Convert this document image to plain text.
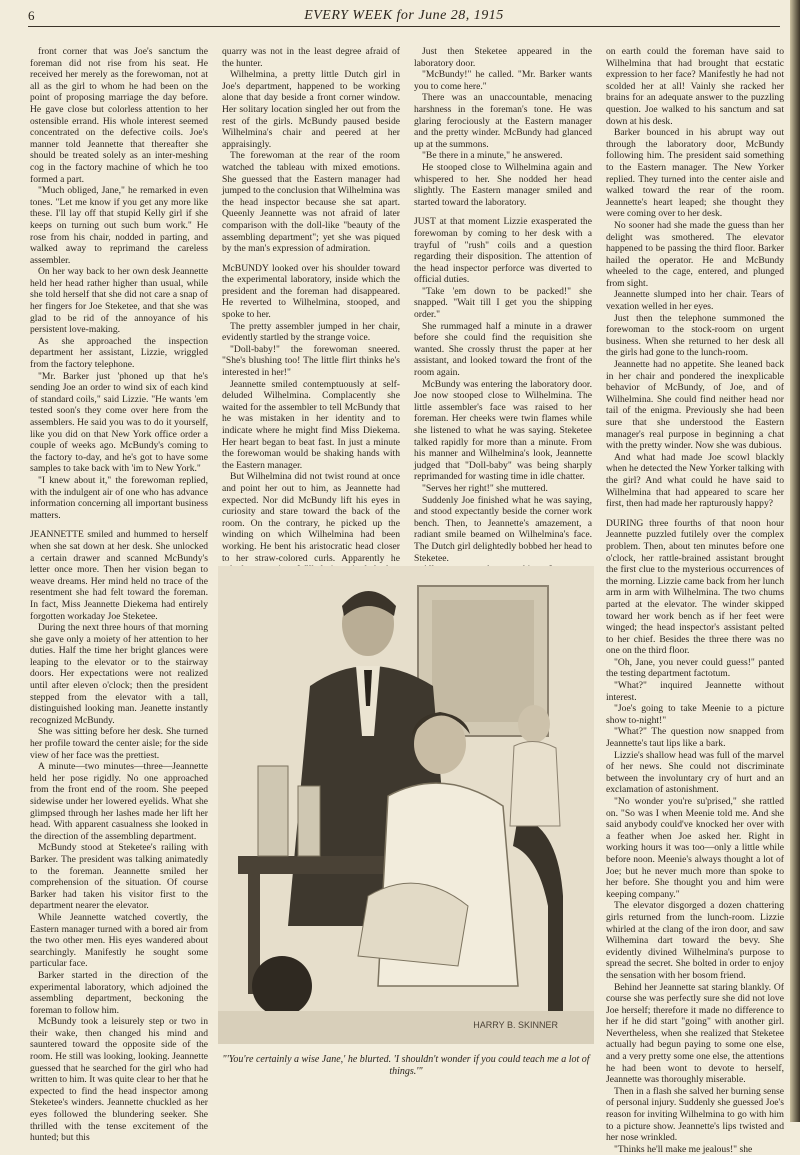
6	EVERY WEEK for June 28, 1915

front corner that was Joe's sanctum the foreman did not rise from his seat. He received her merely as the forewoman, not at all as the girl to whom he had been on the point of proposing marriage the day before. He gave close but colorless attention to her ostensible errand. His whole interest seemed concentrated on the defective coils. Joe's manner told Jeannette that thereafter she should be treated solely as an inter-meshing cog in the factory machine of which he too formed a part.

"Much obliged, Jane," he remarked in even tones. "Let me know if you get any more like these. I'll lay off that stupid Kelly girl if she keeps on turning out such bum work." He rose from his chair, nodded in parting, and walked away to reprimand the careless assembler.

On her way back to her own desk Jeannette held her head rather higher than usual, while she told herself that she did not care a snap of her fingers for Joe Steketee, and that she was glad to be rid of the annoyance of his persistent love-making.

As she approached the inspection department her assistant, Lizzie, wriggled from the factory telephone.

"Mr. Barker just 'phoned up that he's sending Joe an order to wind six of each kind of standard coils," said Lizzie. "He wants 'em tested soon's they come over here from the assemblers. He said you was to do it yourself, like you did on that New York office order a couple of weeks ago. McBundy's coming to the factory to-day, and he's got to have some samples to take back with 'im to New York."

"I knew about it," the forewoman replied, with the indulgent air of one who has advance information concerning all important business matters.

JEANNETTE smiled and hummed to herself when she sat down at her desk. She unlocked a certain drawer and scanned McBundy's letter once more. Then her vision began to weave dreams. Her mind held no trace of the resentment she had felt toward the foreman. In fact, Miss Jeannette Diekema had entirely forgotten workaday Joe Steketee.

During the next three hours of that morning she gave only a moiety of her attention to her duties. Half the time her bright glances were leaping to the elevator or to the stairway doors. Her expectations were not realized until after eleven o'clock; then the president stepped from the elevator with a tall, distinguished looking man. Jeanette instantly recognized McBundy.

She was sitting before her desk. She turned her profile toward the center aisle; for the side view of her face was the prettiest.

A minute—two minutes—three—Jeannette held her pose rigidly. No one approached from the front end of the room. She peeped sidewise under her lowered eyelids. What she glimpsed through her lashes made her lift her head. With apparent casualness she looked in the direction of the assembling department.

McBundy stood at Steketee's railing with Barker. The president was talking animatedly to the foreman. Jeannette smiled her comprehension of the situation. Of course Barker had taken his visitor first to the department nearer the elevator.

While Jeannette watched covertly, the Eastern manager turned with a bored air from the two other men. His eyes wandered about searchingly. Manifestly he sought some particular face.

Barker started in the direction of the experimental laboratory, which adjoined the assembling department, beckoning the foreman to follow him.

McBundy took a leisurely step or two in their wake, then changed his mind and sauntered toward the opposite side of the room. He still was looking, looking. Jeannette guessed that he searched for the girl who had written to him. It was quite clear to her that he expected to find the head inspector among Steketee's winders. Jeannette chuckled as her eyes followed the blundering seeker. She thrilled with the tense excitement of the hunted; but this

quarry was not in the least degree afraid of the hunter.

Wilhelmina, a pretty little Dutch girl in Joe's department, happened to be working alone that day beside a front corner window. Her solitary location singled her out from the rest of the girls. McBundy paused beside Wilhelmina's chair and peered at her appraisingly.

The forewoman at the rear of the room watched the tableau with mixed emotions. She guessed that the Eastern manager had jumped to the conclusion that Wilhelmina was the head inspector because she sat apart. Queenly Jeannette was not afraid of later comparison with the doll-like "beauty of the assembling department"; yet she was piqued by the man's expression of admiration.

McBUNDY looked over his shoulder toward the experimental laboratory, inside which the president and the foreman had disappeared. He reverted to Wilhelmina, stooped, and spoke to her.

The pretty assembler jumped in her chair, evidently startled by the strange voice.

"Doll-baby!" the forewoman sneered. "She's blushing too! The little flirt thinks he's interested in her!"

Jeannette smiled contemptuously at self-deluded Wilhelmina. Complacently she waited for the assembler to tell McBundy that he was mistaken in her identity and to indicate where he might find Miss Diekema. Her heart began to beat fast. In just a minute the forewoman would be shaking hands with the Eastern manager.

But Wilhelmina did not twist round at once and point her out to him, as Jeannette had expected. Nor did McBundy lift his eyes in curiosity and stare toward the back of the room. On the contrary, he picked up the winding on which Wilhelmina had been working. He bent his aristocratic head closer to her straw-colored curls. Apparently he

Just then Steketee appeared in the laboratory door.

"McBundy!" he called. "Mr. Barker wants you to come here."

There was an unaccountable, menacing harshness in the foreman's tone. He was glaring ferociously at the Eastern manager and the pretty winder. McBundy had glanced up at the summons.

"Be there in a minute," he answered.

He stooped close to Wilhelmina again and whispered to her. She nodded her head slightly. The Eastern manager smiled and started toward the laboratory.

JUST at that moment Lizzie exasperated the forewoman by coming to her desk with a trayful of "rush" coils and a question regarding their disposition. The attention of the head inspector perforce was diverted to official duties.

"Take 'em down to be packed!" she snapped. "Wait till I get you the shipping order."

She rummaged half a minute in a drawer before she could find the requisition she wanted. She crossly thrust the paper at her assistant, and looked toward the front of the room again.

McBundy was entering the laboratory door. Joe now stooped close to Wilhelmina. The little assembler's face was raised to her foreman. Her cheeks were twin flames while she listened to what he was saying. Steketee talked rapidly for more than a minute. From his manner and Wilhelmina's look, Jeannette judged that "Doll-baby" was being sharply reprimanded for wasting time in idle chatter.

"Serves her right!" she muttered.

Suddenly Joe finished what he was saying, and stood expectantly beside the corner work bench. Then, to Jeannette's amazement, a radiant smile beamed on Wilhelmina's face. The Dutch girl delightedly bobbed her head to Steketee.

on earth could the foreman have said to Wilhelmina that had brought that ecstatic expression to her face? Manifestly he had not scolded her at all! Vainly she racked her brains for an adequate answer to the puzzling question. Joe walked to his sanctum and sat down at his desk.

Barker bounced in his abrupt way out through the laboratory door, McBundy following him. The president said something to the Eastern manager. The New Yorker replied. They turned into the center aisle and walked toward the rear of the room. Jeannette's heart leaped; she thought they were coming over to her desk.

No sooner had she made the guess than her delight was smothered. The elevator happened to be passing the third floor. Barker hailed the operator. He and McBundy wheeled to the cage, entered, and plunged from sight.

Jeannette slumped into her chair. Tears of vexation welled in her eyes.

Just then the telephone summoned the forewoman to the stock-room on urgent business. When she returned to her desk all the girls had gone to the lunch-room.

Jeannette had no appetite. She leaned back in her chair and pondered the inexplicable behavior of McBundy, of Joe, and of Wilhelmina. She could find neither head nor tail of the enigma. Previously she had been sure that she understood the Eastern manager's real purpose in beginning a chat with the pretty winder. Now she was dubious.

And what had made Joe scowl blackly when he detected the New Yorker talking with the girl? And what could he have said to Wilhelmina that had appeared to scare her first, then had made her rapturously happy?

DURING three fourths of that noon hour Jeannette puzzled futilely over the complex problem. Then, about ten minutes before one o'clock, her rattle-brained assistant brought the first clue to the mysterious occurrences of the morning. Lizzie came back from her lunch arm in arm with Wilhelmina. The two chums parted at the elevator. The winder skipped toward her work bench as if her feet were winged; the head inspector's assistant pelted to her chief. Besides the three there was no one on the third floor.

"Oh, Jane, you never could guess!" panted the testing department factotum.

"What?" inquired Jeannette without interest.

"Joe's going to take Meenie to a picture show to-night!"

"What?" The question now snapped from Jeannette's taut lips like a bark.

Lizzie's shallow head was full of the marvel of her news. She could not discriminate between the involuntary cry of hurt and an exclamation of astonishment.

"No wonder you're su'prised," she rattled on. "So was I when Meenie told me. And she said anybody could've knocked her over with a feather when Joe asked her. Right in working hours it was too—only a little while before noon. Meenie's always thought a lot of Joe; but he never much more than spoke to her before. She thought you and him were keeping company."

The elevator disgorged a dozen chattering girls returned from the lunch-room. Lizzie whirled at the clang of the iron door, and saw Wilhemina dart toward the bevy. She evidently divined Wilhelmina's purpose to spread the secret. She bolted in order to enjoy the sensation with her bosom friend.

Behind her Jeannette sat staring blankly. Of course she was perfectly sure she did not love Joe herself; therefore it made no difference to her if he did start "going" with another girl. Nevertheless, when she realized that Steketee actually had begun paying to some one else, and a very pretty some one else, the attentions he had been wont to devote to herself, Jeannette was thoroughly miserable.

Then in a flash she salved her burning sense of personal injury. Suddenly she guessed Joe's reason for inviting Wilhelmina to go with him to a picture show. Jeannette's lips twisted and her nose wrinkled.

"Thinks he'll make me jealous!" she

HARRY B. SKINNER
"'You're certainly a wise Jane,' he blurted. 'I shouldn't wonder if you could teach me a lot of things.'"
